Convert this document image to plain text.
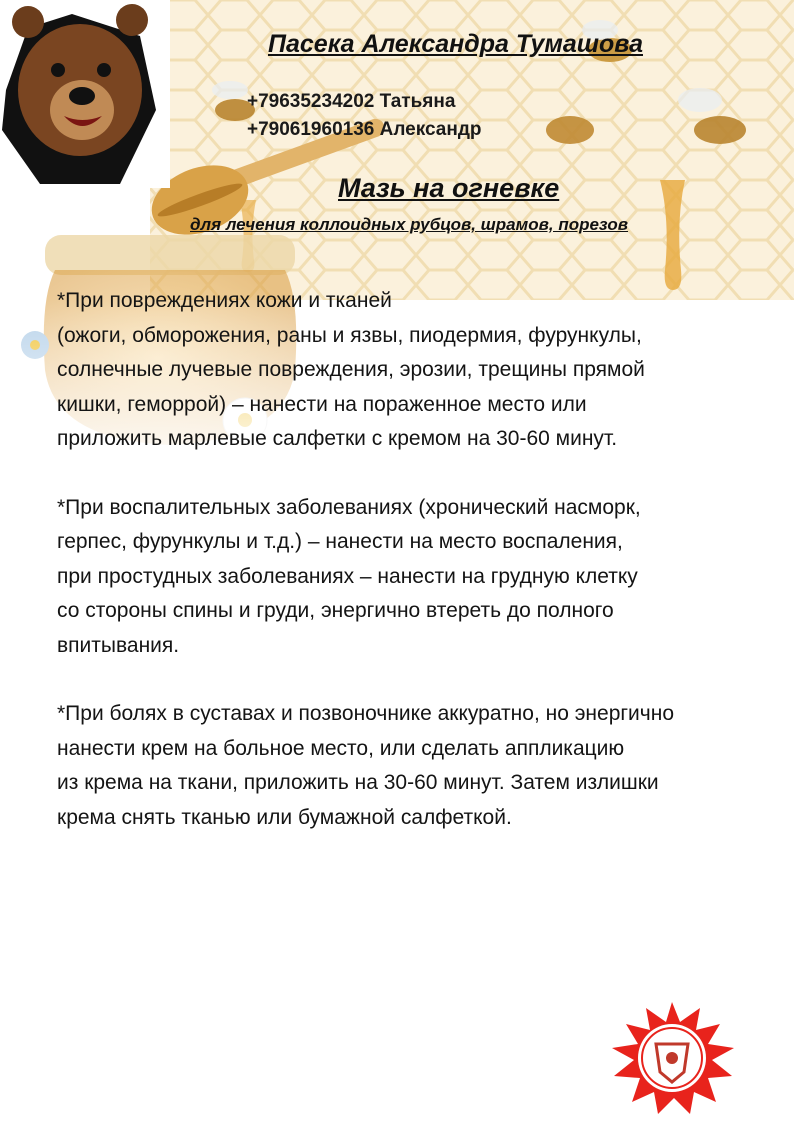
Пасека Александра Тумашова
+79635234202 Татьяна
+79061960136 Александр
Мазь на огневке
для лечения коллоидных рубцов, шрамов, порезов

*При повреждениях кожи и тканей
(ожоги, обморожения, раны и язвы, пиодермия, фурункулы,
солнечные лучевые повреждения, эрозии, трещины прямой
кишки, геморрой) – нанести на пораженное место или
приложить марлевые салфетки с кремом на 30-60 минут.

*При воспалительных заболеваниях (хронический насморк,
герпес, фурункулы и т.д.) – нанести на место воспаления,
при простудных заболеваниях – нанести на грудную клетку
со стороны спины и груди, энергично втереть до полного
впитывания.

*При болях в суставах и позвоночнике аккуратно, но энергично
нанести крем на больное место, или сделать аппликацию
из крема на ткани, приложить на 30-60 минут. Затем излишки
крема снять тканью или бумажной салфеткой.
